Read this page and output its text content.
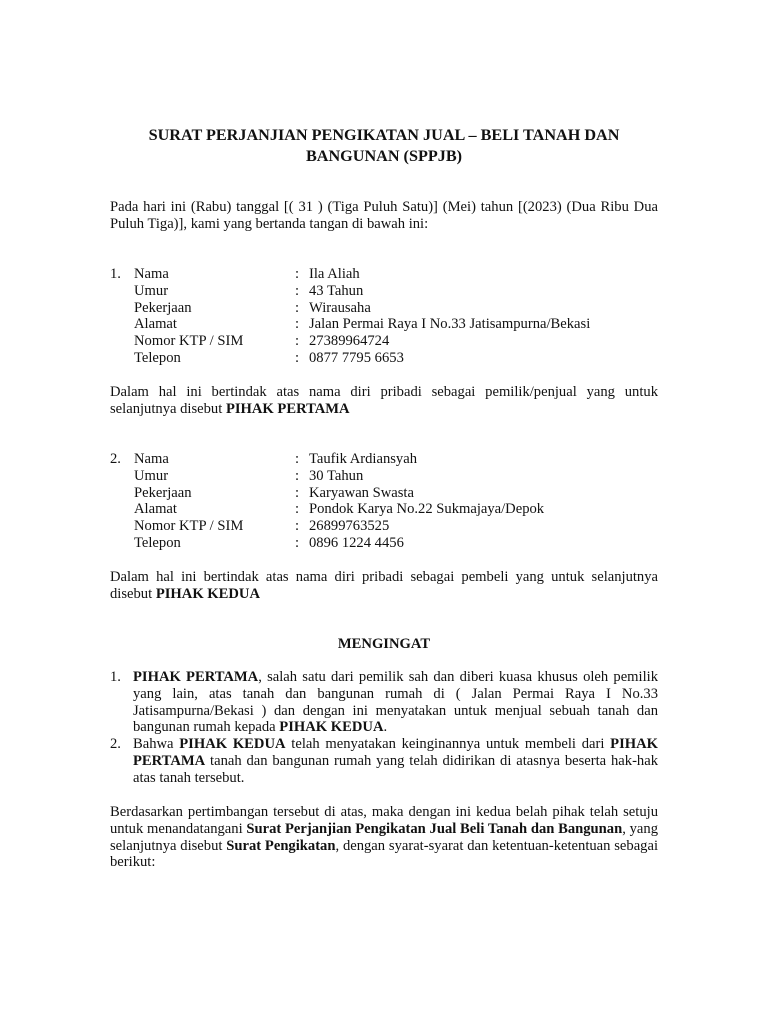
SURAT PERJANJIAN PENGIKATAN JUAL – BELI TANAH DAN
BANGUNAN (SPPJB)
Pada hari ini (Rabu) tanggal [( 31 ) (Tiga Puluh Satu)] (Mei) tahun [(2023) (Dua Ribu Dua Puluh Tiga)], kami yang bertanda tangan di bawah ini:
1. Nama	: Ila Aliah
Umur	: 43 Tahun
Pekerjaan	: Wirausaha
Alamat	: Jalan Permai Raya I No.33 Jatisampurna/Bekasi
Nomor KTP / SIM	: 27389964724
Telepon	: 0877 7795 6653
Dalam hal ini bertindak atas nama diri pribadi sebagai pemilik/penjual yang untuk selanjutnya disebut PIHAK PERTAMA
2. Nama	: Taufik Ardiansyah
Umur	: 30 Tahun
Pekerjaan	: Karyawan Swasta
Alamat	: Pondok Karya No.22 Sukmajaya/Depok
Nomor KTP / SIM	: 26899763525
Telepon	: 0896 1224 4456
Dalam hal ini bertindak atas nama diri pribadi sebagai pembeli yang untuk selanjutnya disebut PIHAK KEDUA
MENGINGAT
1. PIHAK PERTAMA, salah satu dari pemilik sah dan diberi kuasa khusus oleh pemilik yang lain, atas tanah dan bangunan rumah di ( Jalan Permai Raya I No.33 Jatisampurna/Bekasi ) dan dengan ini menyatakan untuk menjual sebuah tanah dan bangunan rumah kepada PIHAK KEDUA.
2. Bahwa PIHAK KEDUA telah menyatakan keinginannya untuk membeli dari PIHAK PERTAMA tanah dan bangunan rumah yang telah didirikan di atasnya beserta hak-hak atas tanah tersebut.
Berdasarkan pertimbangan tersebut di atas, maka dengan ini kedua belah pihak telah setuju untuk menandatangani Surat Perjanjian Pengikatan Jual Beli Tanah dan Bangunan, yang selanjutnya disebut Surat Pengikatan, dengan syarat-syarat dan ketentuan-ketentuan sebagai berikut:
